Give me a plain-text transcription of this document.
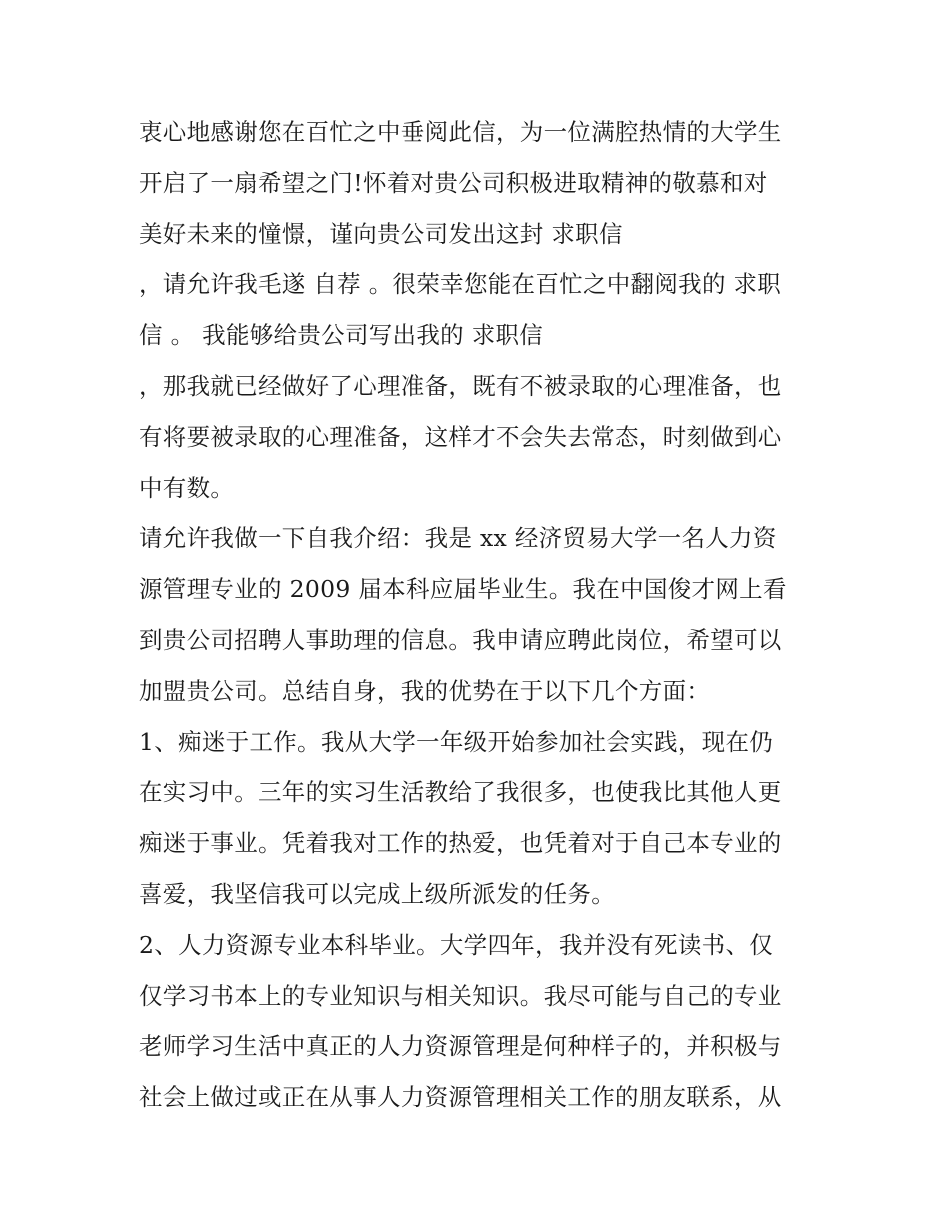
衷心地感谢您在百忙之中垂阅此信，为一位满腔热情的大学生
开启了一扇希望之门!怀着对贵公司积极进取精神的敬慕和对
美好未来的憧憬，谨向贵公司发出这封 求职信
，请允许我毛遂 自荐 。很荣幸您能在百忙之中翻阅我的 求职
信 。 我能够给贵公司写出我的 求职信
，那我就已经做好了心理准备，既有不被录取的心理准备，也
有将要被录取的心理准备，这样才不会失去常态，时刻做到心
中有数。
请允许我做一下自我介绍：我是 xx 经济贸易大学一名人力资
源管理专业的 2009 届本科应届毕业生。我在中国俊才网上看
到贵公司招聘人事助理的信息。我申请应聘此岗位，希望可以
加盟贵公司。总结自身，我的优势在于以下几个方面：
1、痴迷于工作。我从大学一年级开始参加社会实践，现在仍
在实习中。三年的实习生活教给了我很多，也使我比其他人更
痴迷于事业。凭着我对工作的热爱，也凭着对于自己本专业的
喜爱，我坚信我可以完成上级所派发的任务。
2、人力资源专业本科毕业。大学四年，我并没有死读书、仅
仅学习书本上的专业知识与相关知识。我尽可能与自己的专业
老师学习生活中真正的人力资源管理是何种样子的，并积极与
社会上做过或正在从事人力资源管理相关工作的朋友联系，从
